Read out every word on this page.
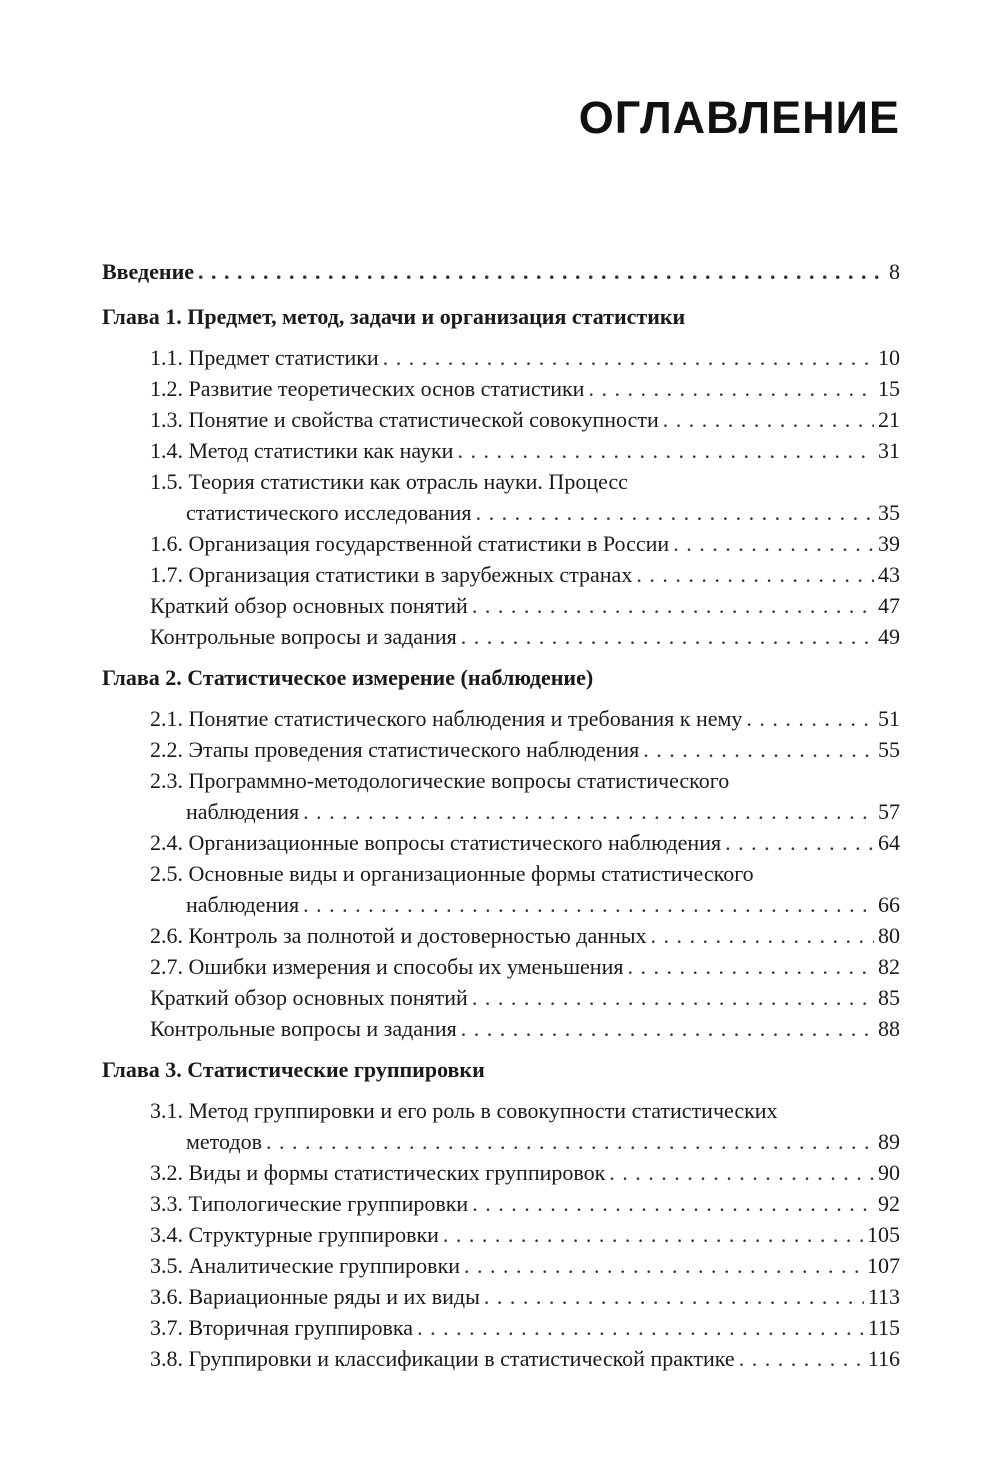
ОГЛАВЛЕНИЕ
Введение . . .	8
Глава 1. Предмет, метод, задачи и организация статистики
1.1. Предмет статистики . . .	10
1.2. Развитие теоретических основ статистики . . .	15
1.3. Понятие и свойства статистической совокупности . . .	21
1.4. Метод статистики как науки . . .	31
1.5. Теория статистики как отрасль науки. Процесс
статистического исследования . . .	35
1.6. Организация государственной статистики в России . . .	39
1.7. Организация статистики в зарубежных странах . . .	43
Краткий обзор основных понятий . . .	47
Контрольные вопросы и задания . . .	49
Глава 2. Статистическое измерение (наблюдение)
2.1. Понятие статистического наблюдения и требования к нему . . .	51
2.2. Этапы проведения статистического наблюдения . . .	55
2.3. Программно-методологические вопросы статистического
наблюдения . . .	57
2.4. Организационные вопросы статистического наблюдения . . .	64
2.5. Основные виды и организационные формы статистического
наблюдения . . .	66
2.6. Контроль за полнотой и достоверностью данных . . .	80
2.7. Ошибки измерения и способы их уменьшения . . .	82
Краткий обзор основных понятий . . .	85
Контрольные вопросы и задания . . .	88
Глава 3. Статистические группировки
3.1. Метод группировки и его роль в совокупности статистических
методов . . .	89
3.2. Виды и формы статистических группировок . . .	90
3.3. Типологические группировки . . .	92
3.4. Структурные группировки . . .	105
3.5. Аналитические группировки . . .	107
3.6. Вариационные ряды и их виды . . .	113
3.7. Вторичная группировка . . .	115
3.8. Группировки и классификации в статистической практике . . .	116
